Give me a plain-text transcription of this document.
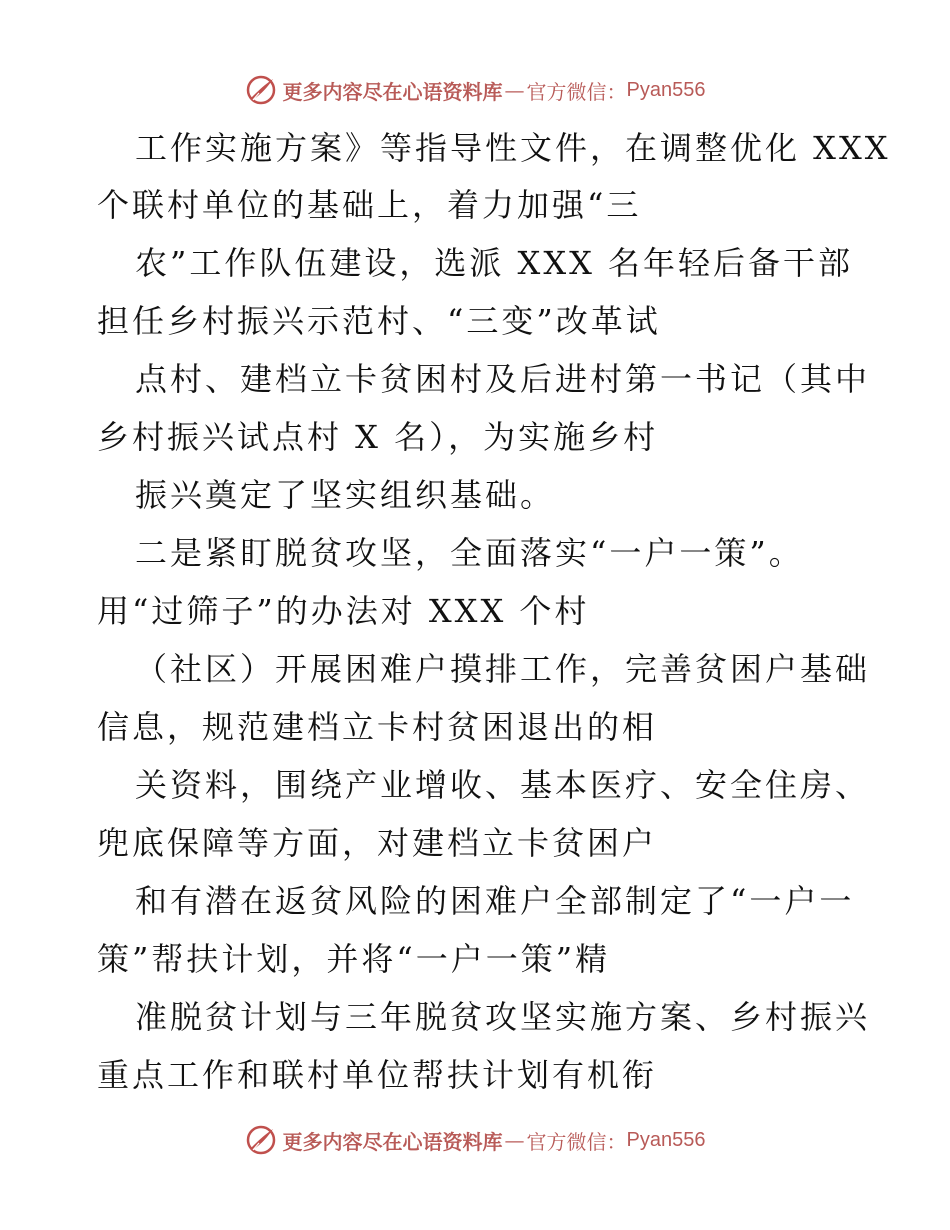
更多内容尽在心语资料库 — 官方微信： Pyan556
工作实施方案》等指导性文件，在调整优化 XXX
个联村单位的基础上，着力加强“三
农”工作队伍建设，选派 XXX 名年轻后备干部
担任乡村振兴示范村、“三变”改革试
点村、建档立卡贫困村及后进村第一书记（其中
乡村振兴试点村 X 名），为实施乡村
振兴奠定了坚实组织基础。
二是紧盯脱贫攻坚，全面落实“一户一策”。
用“过筛子”的办法对 XXX 个村
（社区）开展困难户摸排工作，完善贫困户基础
信息，规范建档立卡村贫困退出的相
关资料，围绕产业增收、基本医疗、安全住房、
兜底保障等方面，对建档立卡贫困户
和有潜在返贫风险的困难户全部制定了“一户一
策”帮扶计划，并将“一户一策”精
准脱贫计划与三年脱贫攻坚实施方案、乡村振兴
重点工作和联村单位帮扶计划有机衔
更多内容尽在心语资料库 — 官方微信： Pyan556
